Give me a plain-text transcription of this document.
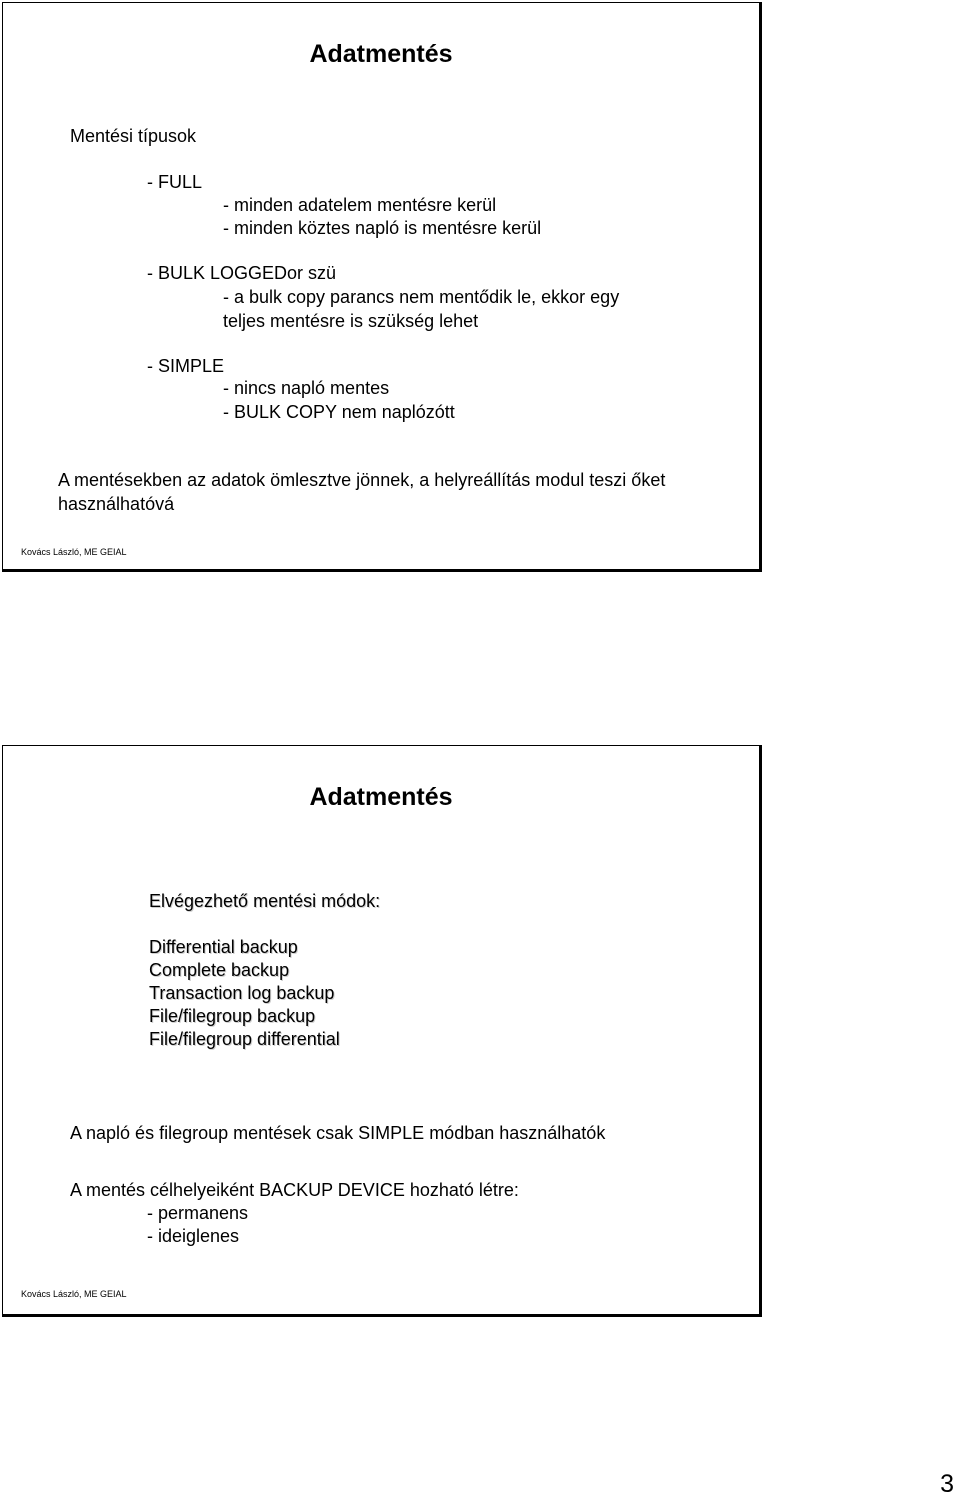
Adatmentés
Mentési típusok
- FULL
- minden adatelem mentésre kerül
- minden köztes napló is mentésre kerül
- BULK LOGGEDor szü
- a bulk copy parancs nem mentődik le, ekkor egy
teljes mentésre is szükség lehet
- SIMPLE
- nincs napló mentes
- BULK COPY nem naplózótt
A mentésekben az adatok ömlesztve jönnek, a helyreállítás modul teszi őket
használhatóvá
Kovács László, ME GEIAL
Adatmentés
Elvégezhető mentési módok:
Differential backup
Complete backup
Transaction log backup
File/filegroup backup
File/filegroup differential
A napló és filegroup mentések csak SIMPLE módban használhatók
A mentés célhelyeiként BACKUP DEVICE hozható létre:
- permanens
- ideiglenes
Kovács László, ME GEIAL
3
